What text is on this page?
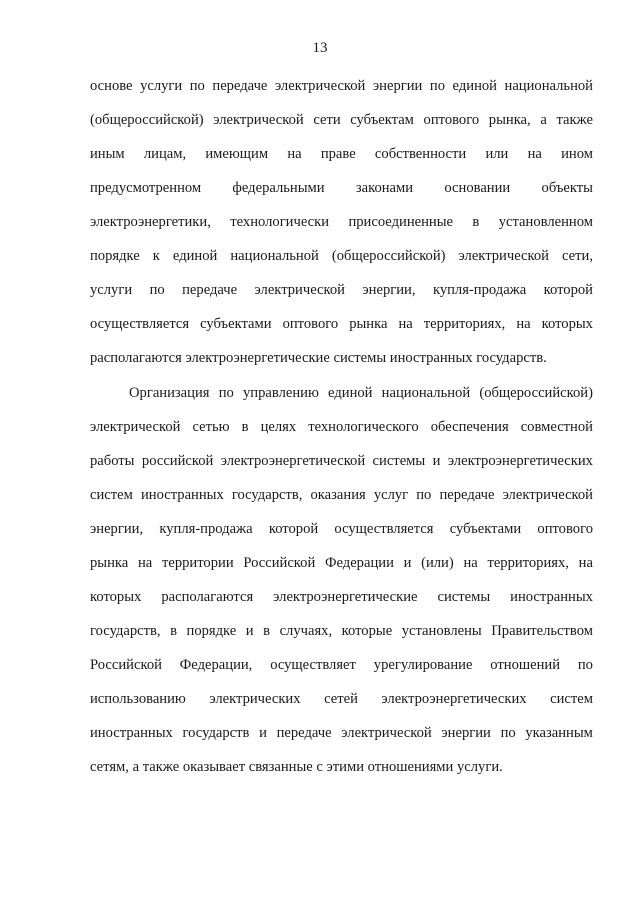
13
основе услуги по передаче электрической энергии по единой национальной
(общероссийской) электрической сети субъектам оптового рынка, а также
иным лицам, имеющим на праве собственности или на ином
предусмотренном федеральными законами основании объекты
электроэнергетики, технологически присоединенные в установленном
порядке к единой национальной (общероссийской) электрической сети,
услуги по передаче электрической энергии, купля-продажа которой
осуществляется субъектами оптового рынка на территориях, на которых
располагаются электроэнергетические системы иностранных государств.
Организация по управлению единой национальной (общероссийской)
электрической сетью в целях технологического обеспечения совместной
работы российской электроэнергетической системы и электроэнергетических
систем иностранных государств, оказания услуг по передаче электрической
энергии, купля-продажа которой осуществляется субъектами оптового
рынка на территории Российской Федерации и (или) на территориях, на
которых располагаются электроэнергетические системы иностранных
государств, в порядке и в случаях, которые установлены Правительством
Российской Федерации, осуществляет урегулирование отношений по
использованию электрических сетей электроэнергетических систем
иностранных государств и передаче электрической энергии по указанным
сетям, а также оказывает связанные с этими отношениями услуги.
